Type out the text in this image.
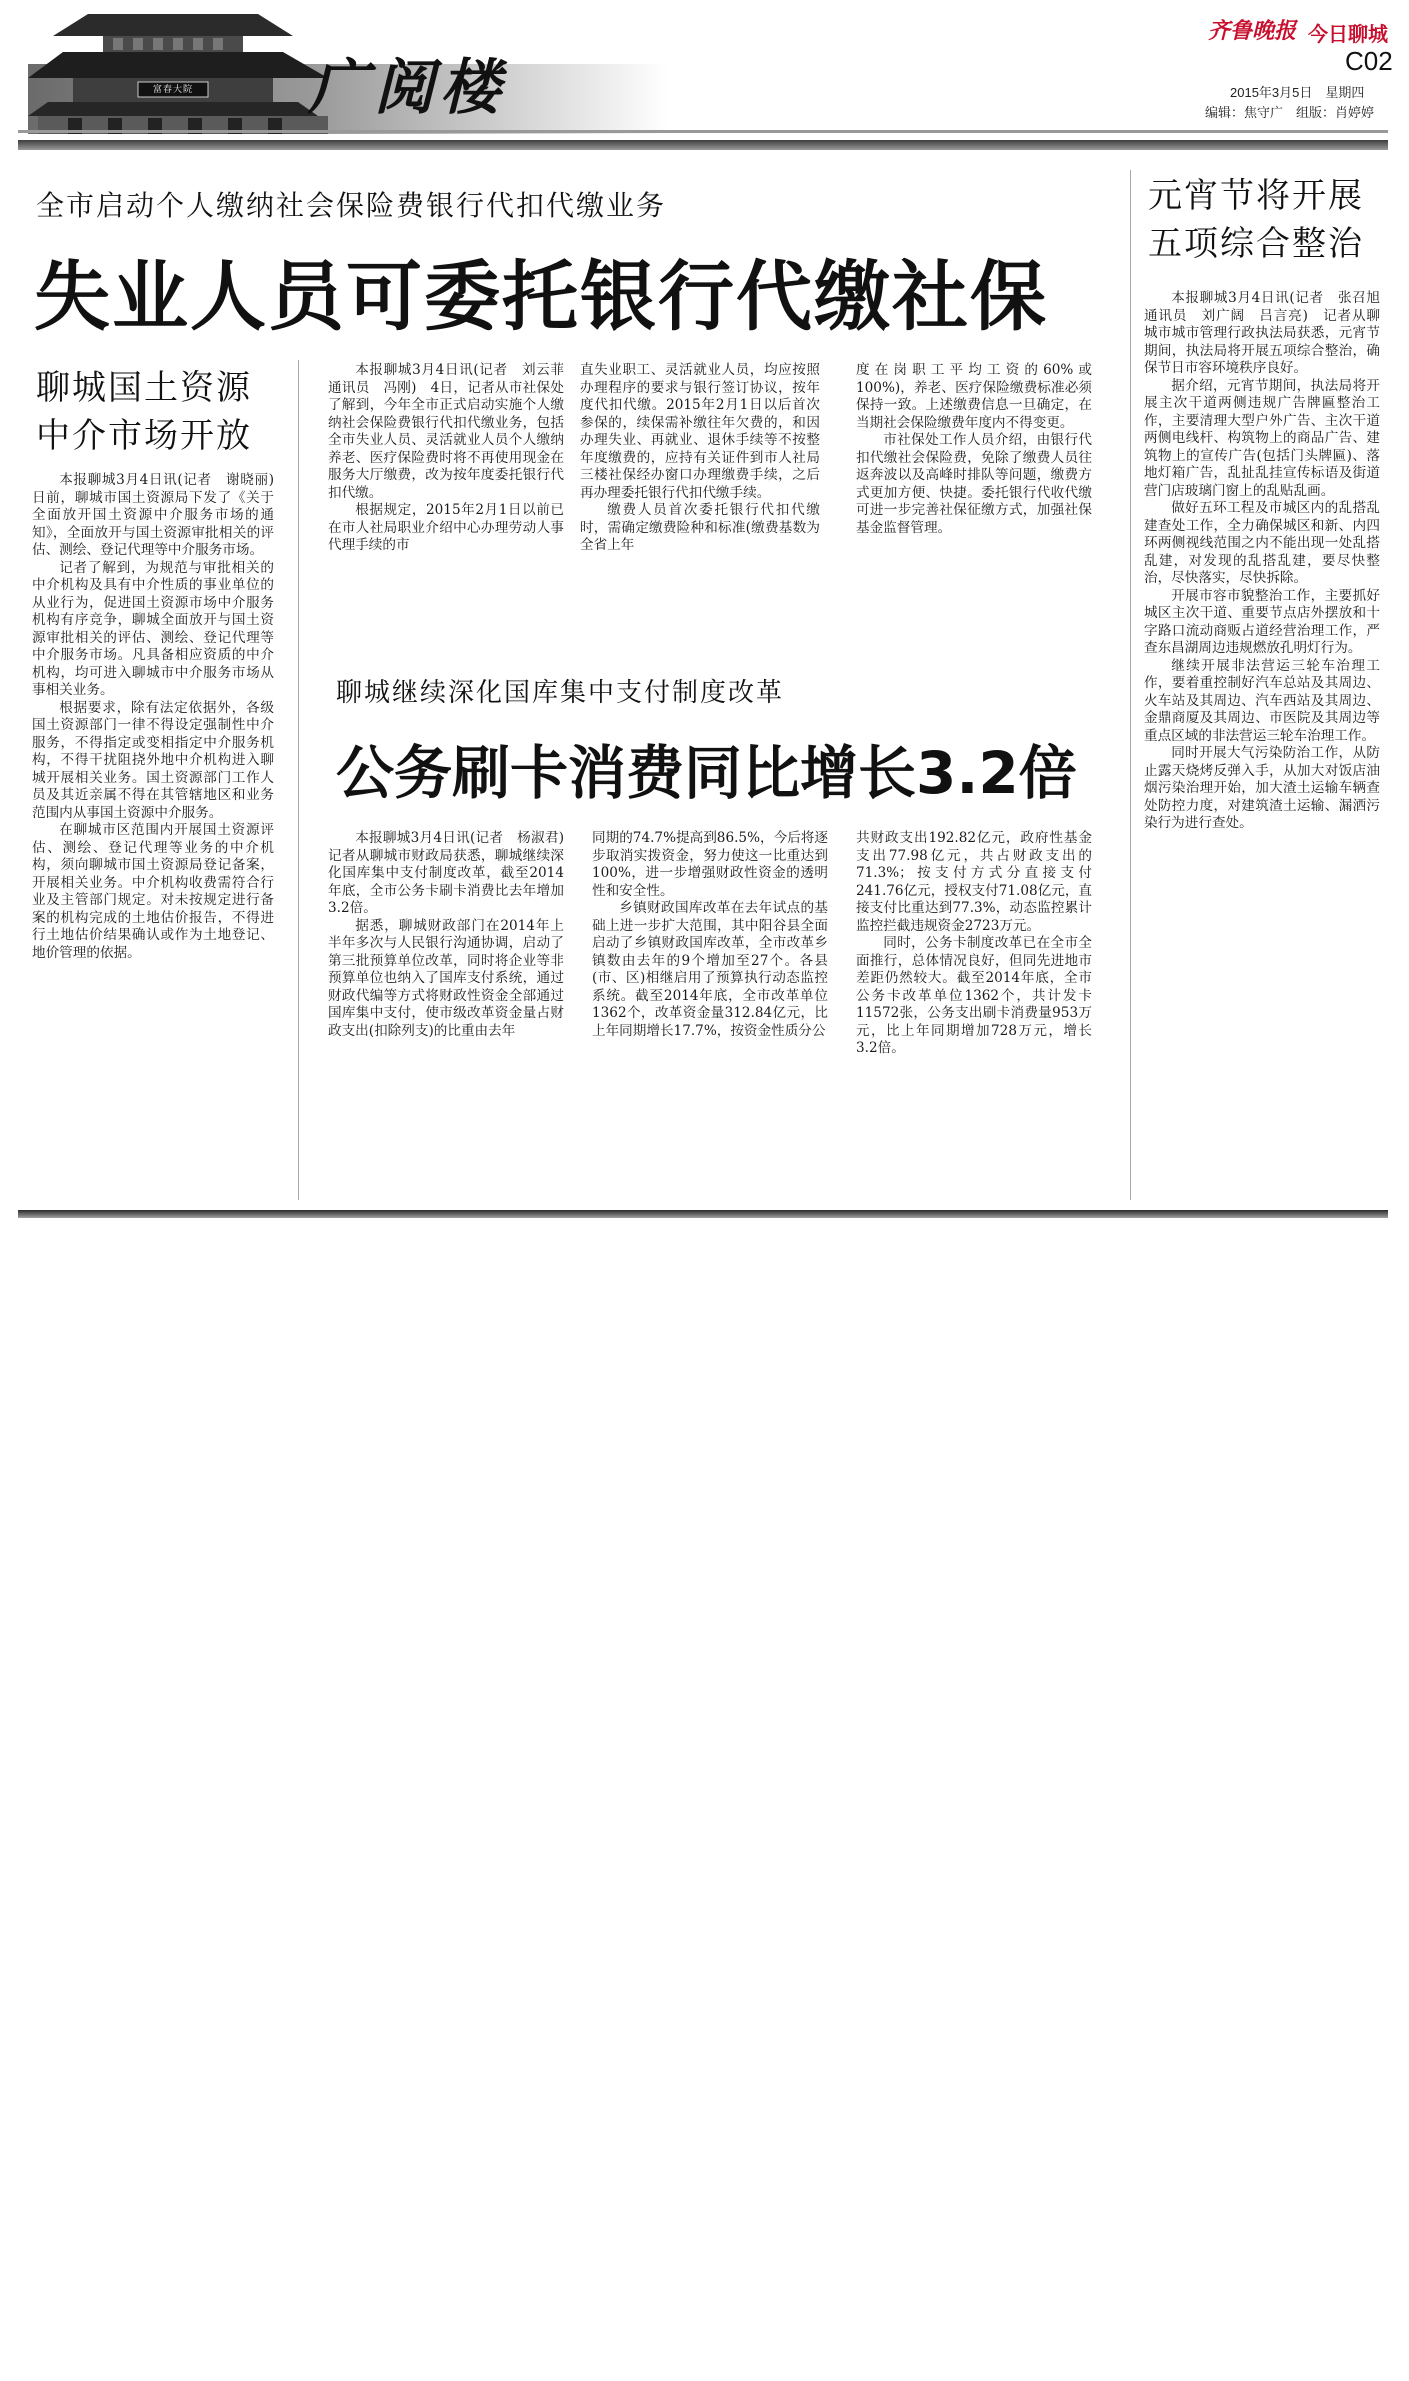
富春大院 广阅楼
齐鲁晚报 今日聊城
C02
2015年3月5日　星期四
编辑：焦守广　组版：肖婷婷
全市启动个人缴纳社会保险费银行代扣代缴业务
失业人员可委托银行代缴社保

本报聊城3月4日讯(记者　刘云菲　通讯员　冯刚)　4日，记者从市社保处了解到，今年全市正式启动实施个人缴纳社会保险费银行代扣代缴业务，包括全市失业人员、灵活就业人员个人缴纳养老、医疗保险费时将不再使用现金在服务大厅缴费，改为按年度委托银行代扣代缴。

根据规定，2015年2月1日以前已在市人社局职业介绍中心办理劳动人事代理手续的市

直失业职工、灵活就业人员，均应按照办理程序的要求与银行签订协议，按年度代扣代缴。2015年2月1日以后首次参保的，续保需补缴往年欠费的，和因办理失业、再就业、退休手续等不按整年度缴费的，应持有关证件到市人社局三楼社保经办窗口办理缴费手续，之后再办理委托银行代扣代缴手续。

缴费人员首次委托银行代扣代缴时，需确定缴费险种和标准(缴费基数为全省上年

度在岗职工平均工资的60%或100%)，养老、医疗保险缴费标准必须保持一致。上述缴费信息一旦确定，在当期社会保险缴费年度内不得变更。

市社保处工作人员介绍，由银行代扣代缴社会保险费，免除了缴费人员往返奔波以及高峰时排队等问题，缴费方式更加方便、快捷。委托银行代收代缴可进一步完善社保征缴方式，加强社保基金监督管理。

聊城国土资源
中介市场开放

本报聊城3月4日讯(记者　谢晓丽)　日前，聊城市国土资源局下发了《关于全面放开国土资源中介服务市场的通知》，全面放开与国土资源审批相关的评估、测绘、登记代理等中介服务市场。

记者了解到，为规范与审批相关的中介机构及具有中介性质的事业单位的从业行为，促进国土资源市场中介服务机构有序竞争，聊城全面放开与国土资源审批相关的评估、测绘、登记代理等中介服务市场。凡具备相应资质的中介机构，均可进入聊城市中介服务市场从事相关业务。

根据要求，除有法定依据外，各级国土资源部门一律不得设定强制性中介服务，不得指定或变相指定中介服务机构，不得干扰阻挠外地中介机构进入聊城开展相关业务。国土资源部门工作人员及其近亲属不得在其管辖地区和业务范围内从事国土资源中介服务。

在聊城市区范围内开展国土资源评估、测绘、登记代理等业务的中介机构，须向聊城市国土资源局登记备案，开展相关业务。中介机构收费需符合行业及主管部门规定。对未按规定进行备案的机构完成的土地估价报告，不得进行土地估价结果确认或作为土地登记、地价管理的依据。

聊城继续深化国库集中支付制度改革
公务刷卡消费同比增长3.2倍

本报聊城3月4日讯(记者　杨淑君)　记者从聊城市财政局获悉，聊城继续深化国库集中支付制度改革，截至2014年底，全市公务卡刷卡消费比去年增加3.2倍。

据悉，聊城财政部门在2014年上半年多次与人民银行沟通协调，启动了第三批预算单位改革，同时将企业等非预算单位也纳入了国库支付系统，通过财政代编等方式将财政性资金全部通过国库集中支付，使市级改革资金量占财政支出(扣除列支)的比重由去年

同期的74.7%提高到86.5%，今后将逐步取消实拨资金，努力使这一比重达到100%，进一步增强财政性资金的透明性和安全性。

乡镇财政国库改革在去年试点的基础上进一步扩大范围，其中阳谷县全面启动了乡镇财政国库改革，全市改革乡镇数由去年的9个增加至27个。各县(市、区)相继启用了预算执行动态监控系统。截至2014年底，全市改革单位1362个，改革资金量312.84亿元，比上年同期增长17.7%，按资金性质分公

共财政支出192.82亿元，政府性基金支出77.98亿元，共占财政支出的71.3%；按支付方式分直接支付241.76亿元，授权支付71.08亿元，直接支付比重达到77.3%，动态监控累计监控拦截违规资金2723万元。

同时，公务卡制度改革已在全市全面推行，总体情况良好，但同先进地市差距仍然较大。截至2014年底，全市公务卡改革单位1362个，共计发卡11572张，公务支出刷卡消费量953万元，比上年同期增加728万元，增长3.2倍。

元宵节将开展
五项综合整治

本报聊城3月4日讯(记者　张召旭　通讯员　刘广阔　吕言亮)　记者从聊城市城市管理行政执法局获悉，元宵节期间，执法局将开展五项综合整治，确保节日市容环境秩序良好。

据介绍，元宵节期间，执法局将开展主次干道两侧违规广告牌匾整治工作，主要清理大型户外广告、主次干道两侧电线杆、构筑物上的商品广告、建筑物上的宣传广告(包括门头牌匾)、落地灯箱广告，乱扯乱挂宣传标语及街道营门店玻璃门窗上的乱贴乱画。

做好五环工程及市城区内的乱搭乱建查处工作，全力确保城区和新、内四环两侧视线范围之内不能出现一处乱搭乱建，对发现的乱搭乱建，要尽快整治，尽快落实，尽快拆除。

开展市容市貌整治工作，主要抓好城区主次干道、重要节点店外摆放和十字路口流动商贩占道经营治理工作，严查东昌湖周边违规燃放孔明灯行为。

继续开展非法营运三轮车治理工作，要着重控制好汽车总站及其周边、火车站及其周边、汽车西站及其周边、金鼎商厦及其周边、市医院及其周边等重点区域的非法营运三轮车治理工作。

同时开展大气污染防治工作，从防止露天烧烤反弹入手，从加大对饭店油烟污染治理开始，加大渣土运输车辆查处防控力度，对建筑渣土运输、漏洒污染行为进行查处。
